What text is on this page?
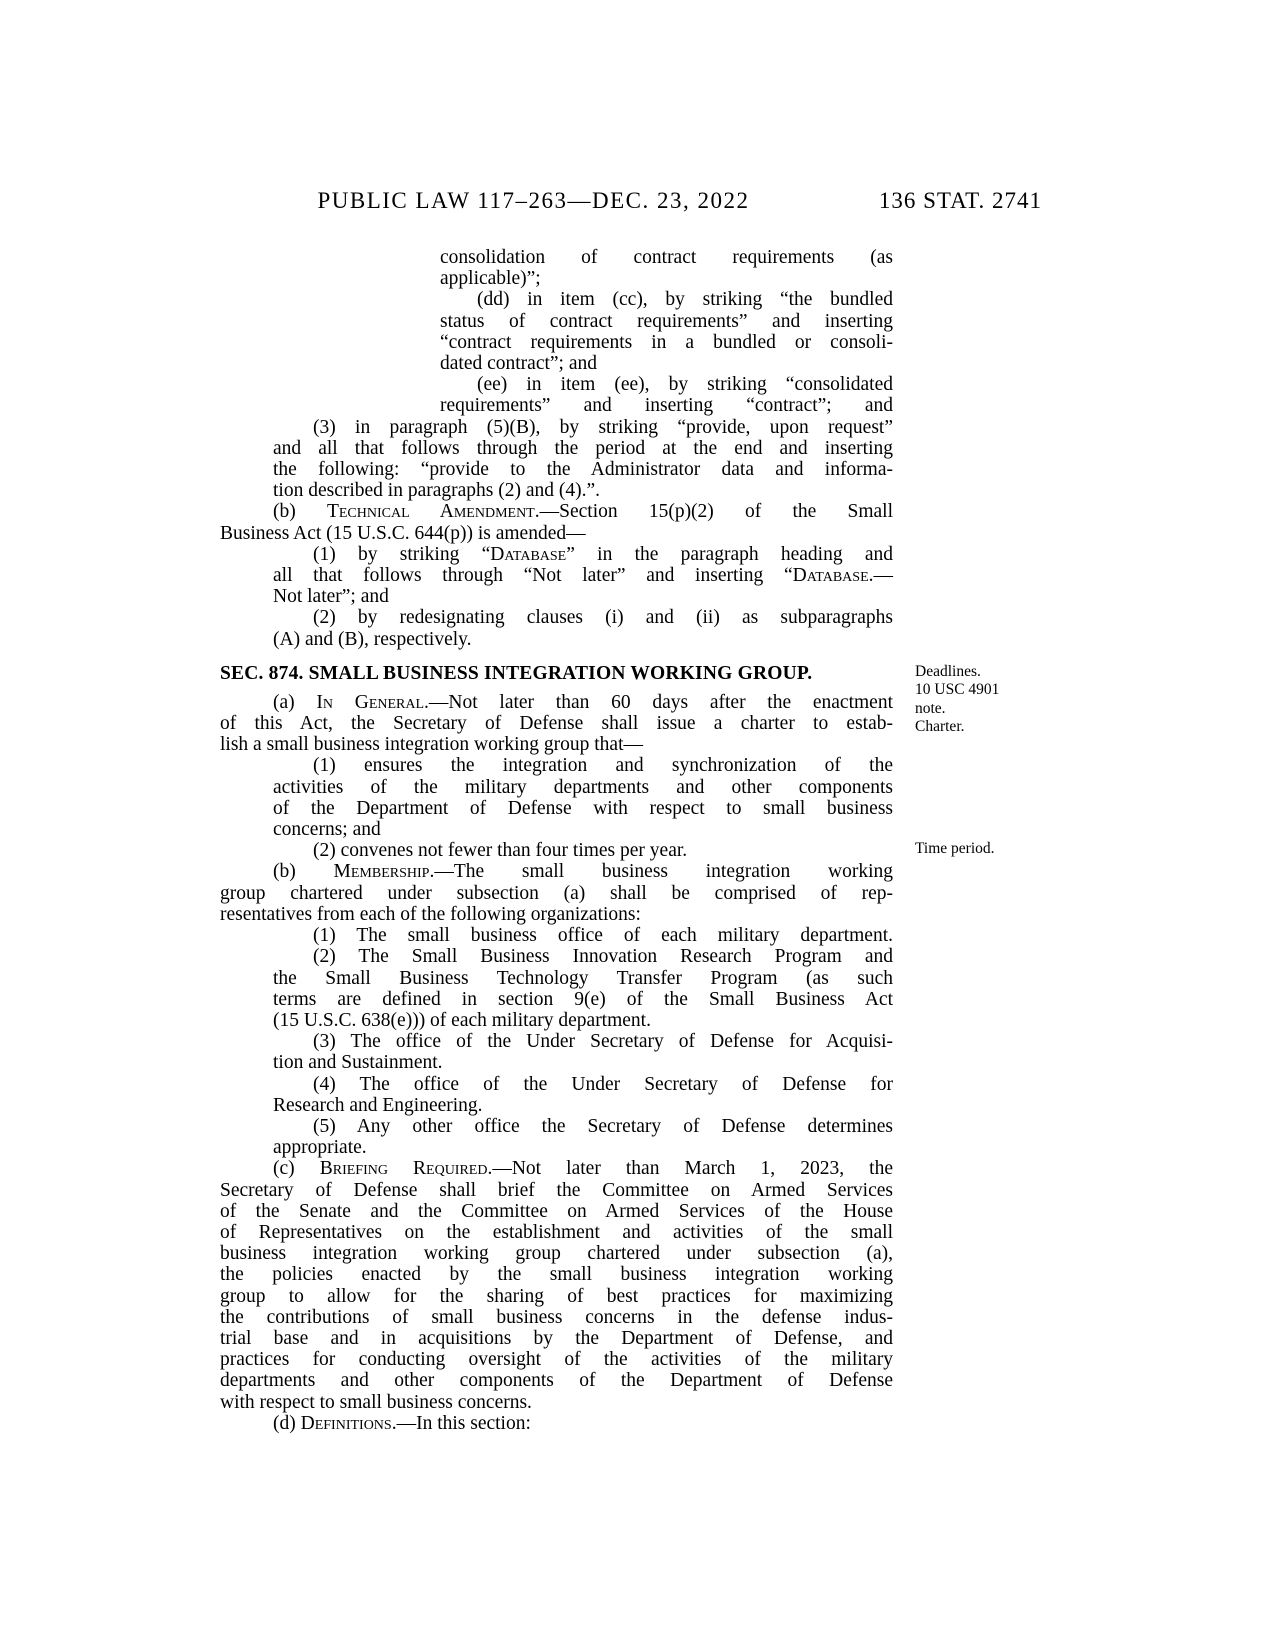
PUBLIC LAW 117–263—DEC. 23, 2022	136 STAT. 2741
consolidation of contract requirements (as
applicable)”;
(dd) in item (cc), by striking “the bundled
status of contract requirements” and inserting
“contract requirements in a bundled or consoli-
dated contract”; and
(ee) in item (ee), by striking “consolidated
requirements” and inserting “contract”; and
(3) in paragraph (5)(B), by striking “provide, upon request”
and all that follows through the period at the end and inserting
the following: “provide to the Administrator data and informa-
tion described in paragraphs (2) and (4).”.
(b) Technical Amendment.—Section 15(p)(2) of the Small
Business Act (15 U.S.C. 644(p)) is amended—
(1) by striking “Database” in the paragraph heading and
all that follows through “Not later” and inserting “Database.—
Not later”; and
(2) by redesignating clauses (i) and (ii) as subparagraphs
(A) and (B), respectively.
SEC. 874. SMALL BUSINESS INTEGRATION WORKING GROUP.
(a) In General.—Not later than 60 days after the enactment
of this Act, the Secretary of Defense shall issue a charter to estab-
lish a small business integration working group that—
(1) ensures the integration and synchronization of the
activities of the military departments and other components
of the Department of Defense with respect to small business
concerns; and
(2) convenes not fewer than four times per year.
(b) Membership.—The small business integration working
group chartered under subsection (a) shall be comprised of rep-
resentatives from each of the following organizations:
(1) The small business office of each military department.
(2) The Small Business Innovation Research Program and
the Small Business Technology Transfer Program (as such
terms are defined in section 9(e) of the Small Business Act
(15 U.S.C. 638(e))) of each military department.
(3) The office of the Under Secretary of Defense for Acquisi-
tion and Sustainment.
(4) The office of the Under Secretary of Defense for
Research and Engineering.
(5) Any other office the Secretary of Defense determines
appropriate.
(c) Briefing Required.—Not later than March 1, 2023, the
Secretary of Defense shall brief the Committee on Armed Services
of the Senate and the Committee on Armed Services of the House
of Representatives on the establishment and activities of the small
business integration working group chartered under subsection (a),
the policies enacted by the small business integration working
group to allow for the sharing of best practices for maximizing
the contributions of small business concerns in the defense indus-
trial base and in acquisitions by the Department of Defense, and
practices for conducting oversight of the activities of the military
departments and other components of the Department of Defense
with respect to small business concerns.
(d) Definitions.—In this section:
Deadlines.
10 USC 4901
note.
Charter.
Time period.
